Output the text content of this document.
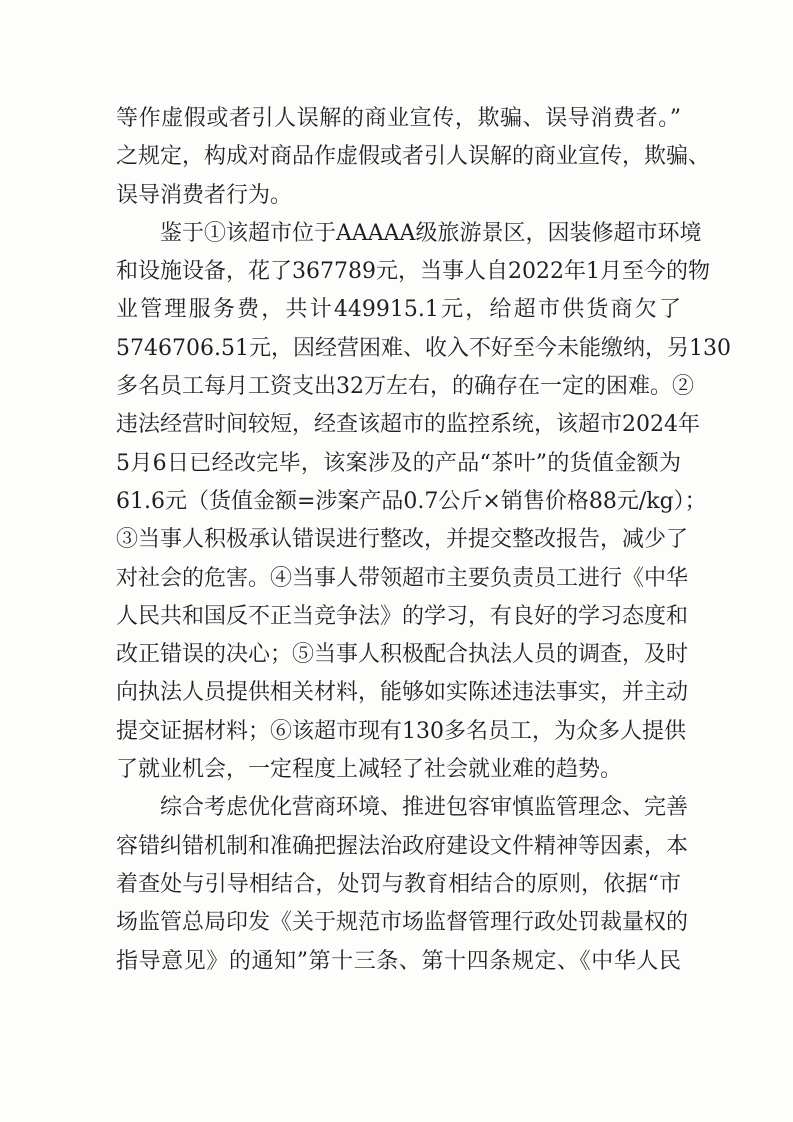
等作虚假或者引人误解的商业宣传，欺骗、误导消费者。”
之规定，构成对商品作虚假或者引人误解的商业宣传，欺骗、
误导消费者行为。
鉴于①该超市位于AAAAA级旅游景区，因装修超市环境
和设施设备，花了367789元，当事人自2022年1月至今的物
业管理服务费，共计449915.1元，给超市供货商欠了
5746706.51元，因经营困难、收入不好至今未能缴纳，另130
多名员工每月工资支出32万左右，的确存在一定的困难。②
违法经营时间较短，经查该超市的监控系统，该超市2024年
5月6日已经改完毕，该案涉及的产品“茶叶”的货值金额为
61.6元（货值金额=涉案产品0.7公斤×销售价格88元/kg）；
③当事人积极承认错误进行整改，并提交整改报告，减少了
对社会的危害。④当事人带领超市主要负责员工进行《中华
人民共和国反不正当竞争法》的学习，有良好的学习态度和
改正错误的决心；⑤当事人积极配合执法人员的调查，及时
向执法人员提供相关材料，能够如实陈述违法事实，并主动
提交证据材料；⑥该超市现有130多名员工，为众多人提供
了就业机会，一定程度上减轻了社会就业难的趋势。
综合考虑优化营商环境、推进包容审慎监管理念、完善
容错纠错机制和准确把握法治政府建设文件精神等因素，本
着查处与引导相结合，处罚与教育相结合的原则，依据“市
场监管总局印发《关于规范市场监督管理行政处罚裁量权的
指导意见》的通知”第十三条、第十四条规定、《中华人民
